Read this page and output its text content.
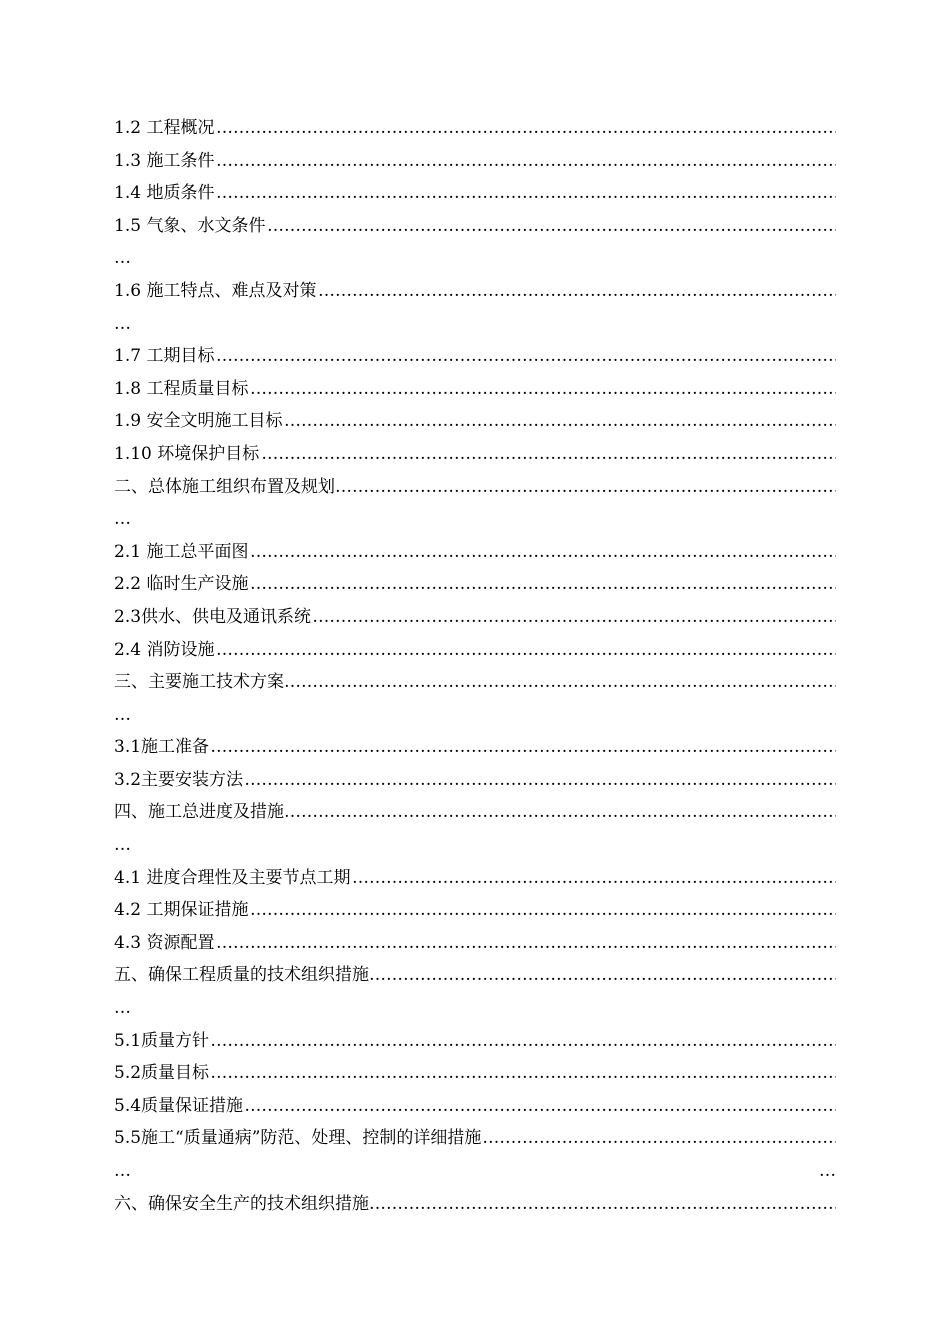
1.2 工程概况 ………………………………………………………………………………………………………………………………………………………………………………………………………
1.3 施工条件 ………………………………………………………………………………………………………………………………………………………………………………………………………
1.4 地质条件 ………………………………………………………………………………………………………………………………………………………………………………………………………
1.5 气象、水文条件 ………………………………………………………………………………………………………………………………………………………………………………………………………
…
1.6 施工特点、难点及对策 ………………………………………………………………………………………………………………………………………………………………………………………………………
…
1.7 工期目标 ………………………………………………………………………………………………………………………………………………………………………………………………………
1.8 工程质量目标 ………………………………………………………………………………………………………………………………………………………………………………………………………
1.9 安全文明施工目标 ………………………………………………………………………………………………………………………………………………………………………………………………………
1.10 环境保护目标 ………………………………………………………………………………………………………………………………………………………………………………………………………
二、总体施工组织布置及规划 ………………………………………………………………………………………………………………………………………………………………………………………………………
…
2.1 施工总平面图 ………………………………………………………………………………………………………………………………………………………………………………………………………
2.2 临时生产设施 ………………………………………………………………………………………………………………………………………………………………………………………………………
2.3供水、供电及通讯系统 ………………………………………………………………………………………………………………………………………………………………………………………………………
2.4 消防设施 ………………………………………………………………………………………………………………………………………………………………………………………………………
三、主要施工技术方案 ………………………………………………………………………………………………………………………………………………………………………………………………………
…
3.1施工准备 ………………………………………………………………………………………………………………………………………………………………………………………………………
3.2主要安装方法 ………………………………………………………………………………………………………………………………………………………………………………………………………
四、施工总进度及措施 ………………………………………………………………………………………………………………………………………………………………………………………………………
…
4.1 进度合理性及主要节点工期 ………………………………………………………………………………………………………………………………………………………………………………………………………
4.2 工期保证措施 ………………………………………………………………………………………………………………………………………………………………………………………………………
4.3 资源配置 ………………………………………………………………………………………………………………………………………………………………………………………………………
五、确保工程质量的技术组织措施 ………………………………………………………………………………………………………………………………………………………………………………………………………
…
5.1质量方针 ………………………………………………………………………………………………………………………………………………………………………………………………………
5.2质量目标 ………………………………………………………………………………………………………………………………………………………………………………………………………
5.4质量保证措施 ………………………………………………………………………………………………………………………………………………………………………………………………………
5.5施工“质量通病”防范、处理、控制的详细措施 ………………………………………………………………………………………………………………………………………………………………………………………………………
…	…
六、确保安全生产的技术组织措施 ………………………………………………………………………………………………………………………………………………………………………………………………………
